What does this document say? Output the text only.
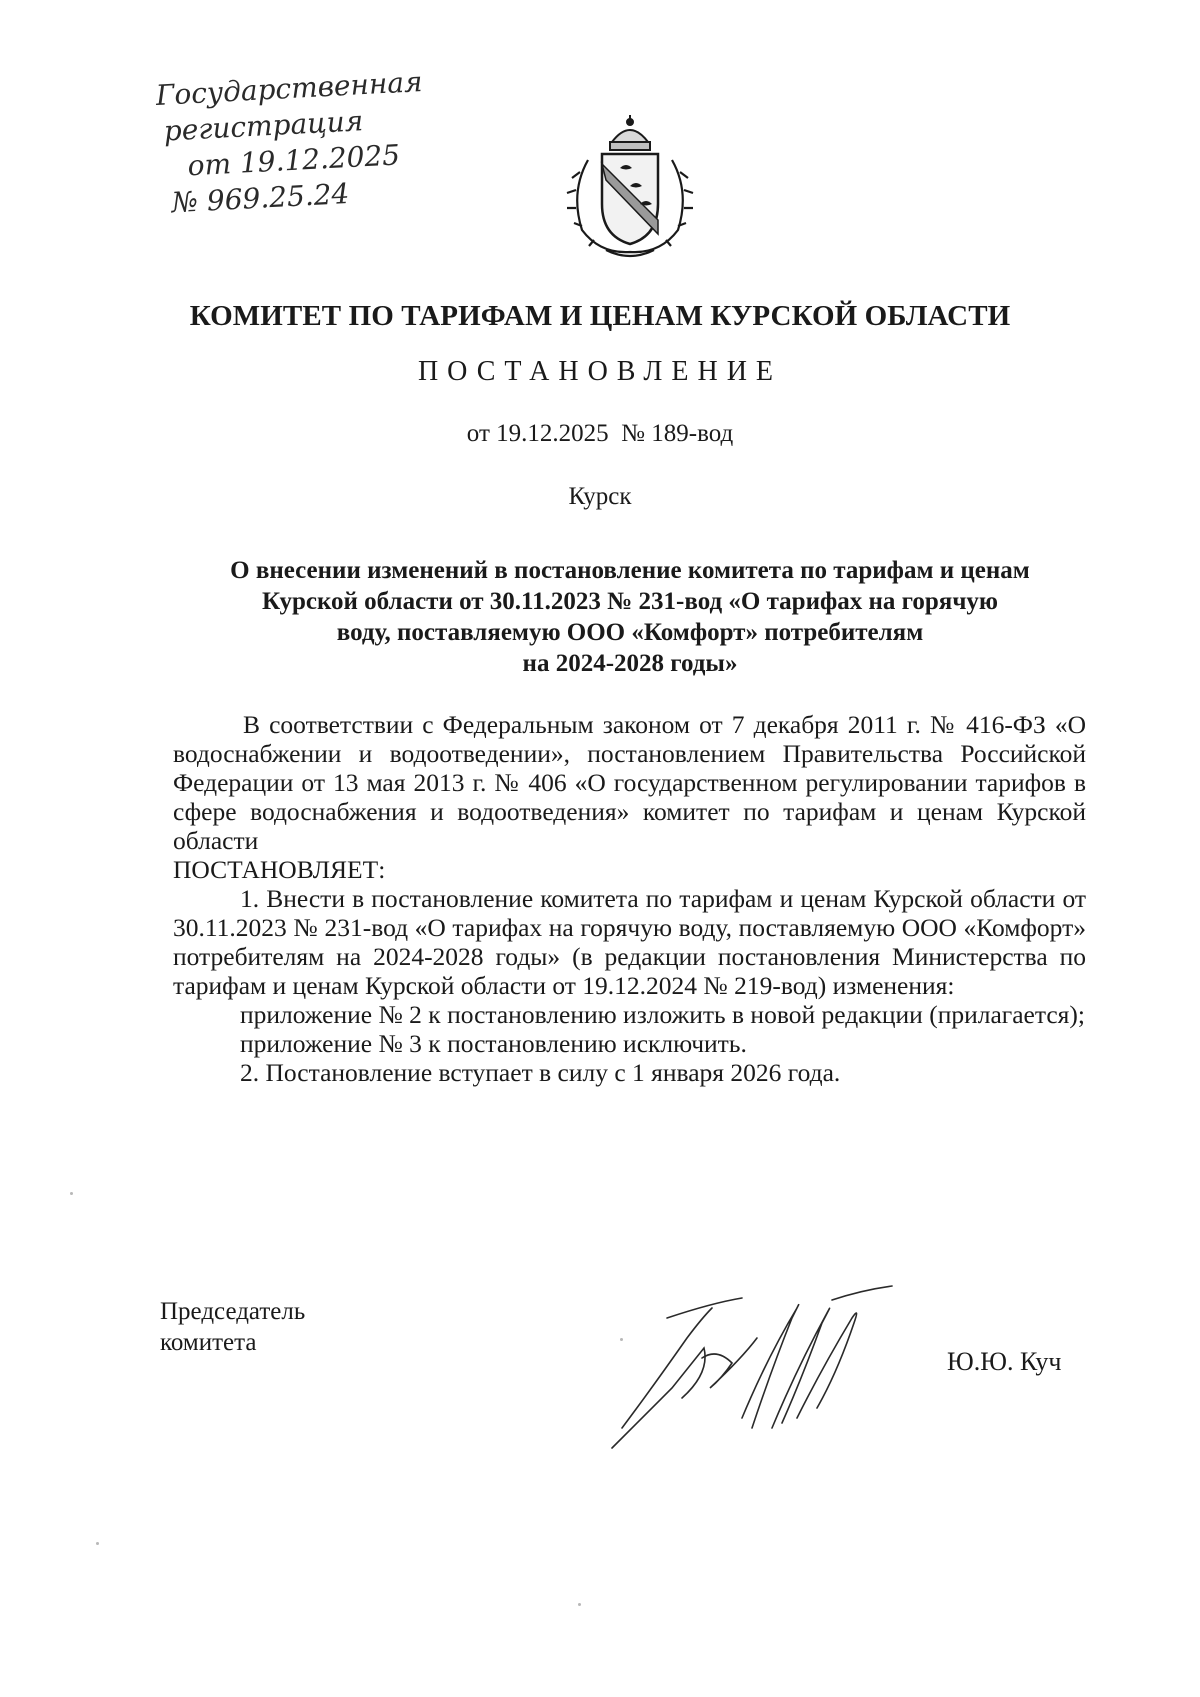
Государственная
регистрация
от 19.12.2025
№ 969.25.24
КОМИТЕТ ПО ТАРИФАМ И ЦЕНАМ КУРСКОЙ ОБЛАСТИ
ПОСТАНОВЛЕНИЕ
от 19.12.2025  № 189-вод
Курск
О внесении изменений в постановление комитета по тарифам и ценам
Курской области от 30.11.2023 № 231-вод «О тарифах на горячую
воду, поставляемую ООО «Комфорт» потребителям
на 2024-2028 годы»

В соответствии с Федеральным законом от 7 декабря 2011 г. № 416-ФЗ «О водоснабжении и водоотведении», постановлением Правительства Российской Федерации от 13 мая 2013 г. № 406 «О государственном регулировании тарифов в сфере водоснабжения и водоотведения» комитет по тарифам и ценам Курской области

ПОСТАНОВЛЯЕТ:

1. Внести в постановление комитета по тарифам и ценам Курской области от 30.11.2023 № 231-вод «О тарифах на горячую воду, поставляемую ООО «Комфорт» потребителям на 2024-2028 годы» (в редакции постановления Министерства по тарифам и ценам Курской области от 19.12.2024 № 219-вод) изменения:

приложение № 2 к постановлению изложить в новой редакции (прилагается);

приложение № 3 к постановлению исключить.

2. Постановление вступает в силу с 1 января 2026 года.

Председатель
комитета
Ю.Ю. Куч
